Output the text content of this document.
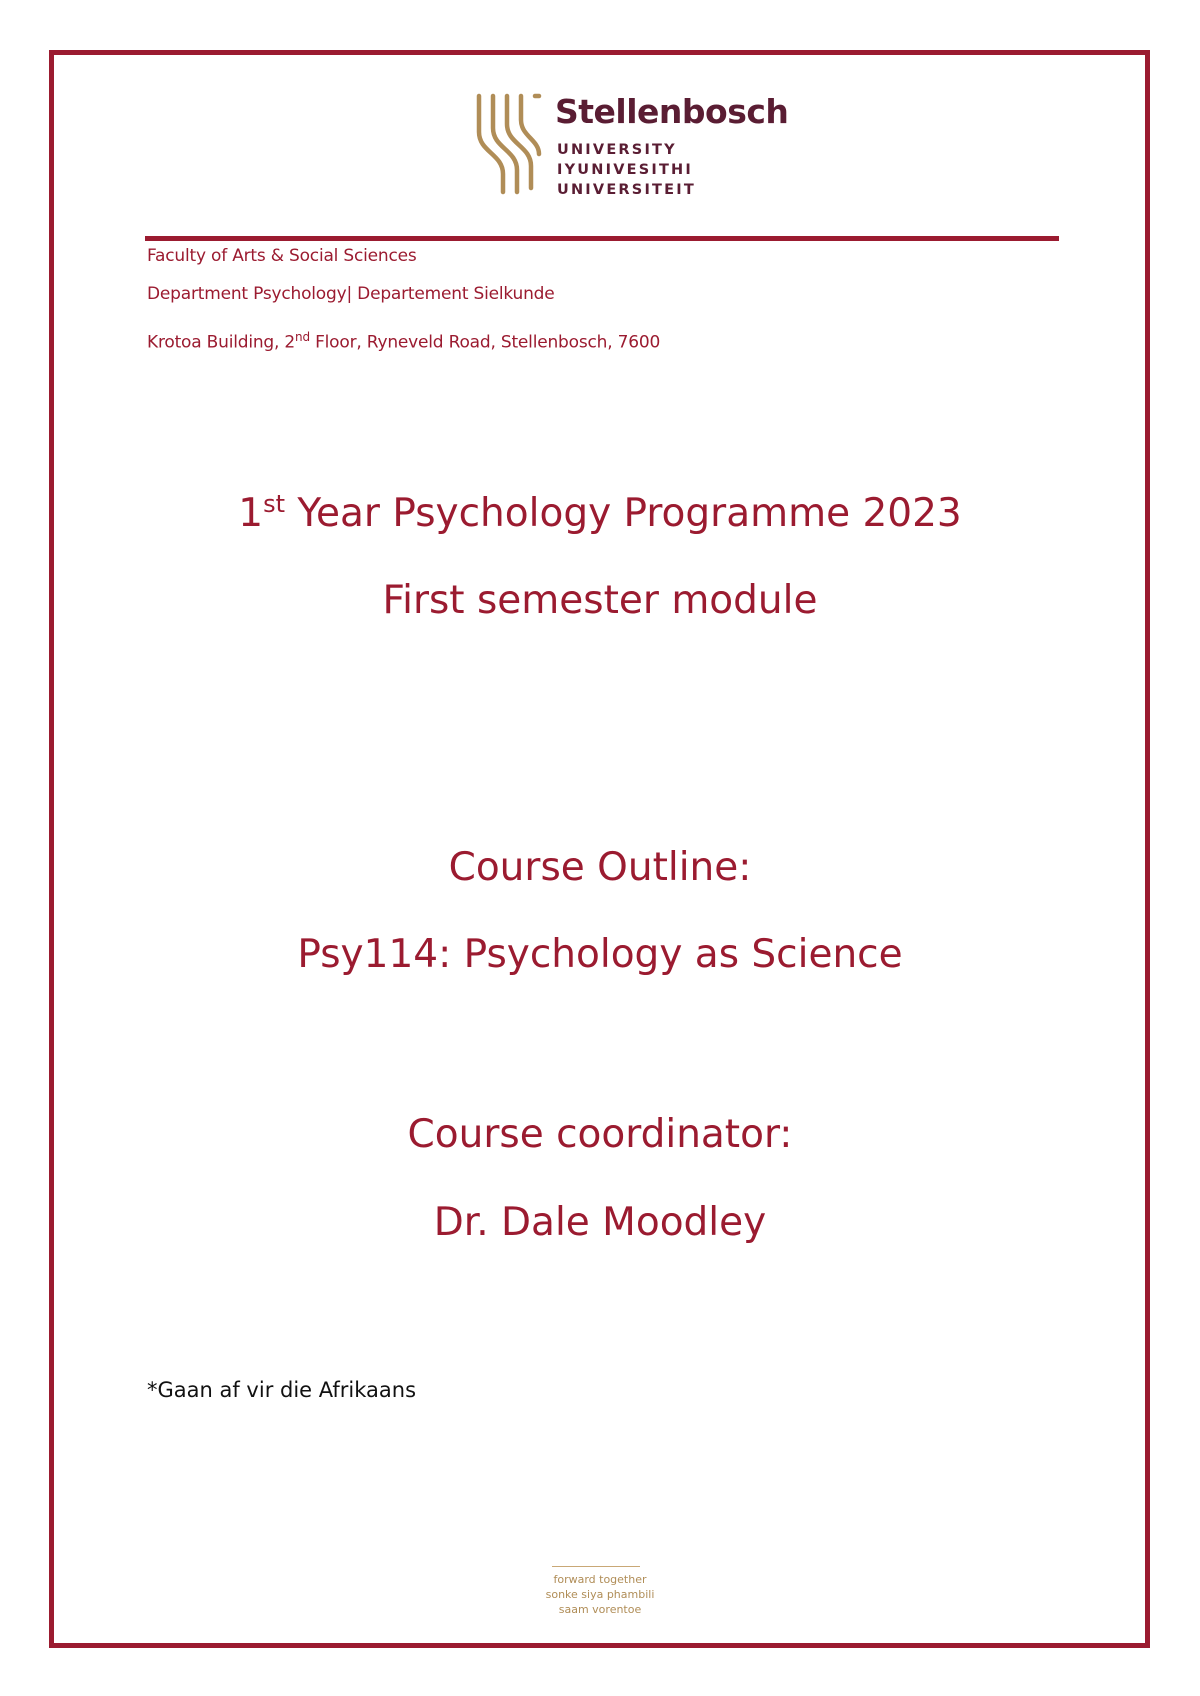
Stellenbosch
UNIVERSITY
IYUNIVESITHI
UNIVERSITEIT
Faculty of Arts & Social Sciences
Department Psychology| Departement Sielkunde
Krotoa Building, 2nd Floor, Ryneveld Road, Stellenbosch, 7600
1st Year Psychology Programme 2023
First semester module
Course Outline:
Psy114: Psychology as Science
Course coordinator:
Dr. Dale Moodley
*Gaan af vir die Afrikaans
forward together
sonke siya phambili
saam vorentoe
